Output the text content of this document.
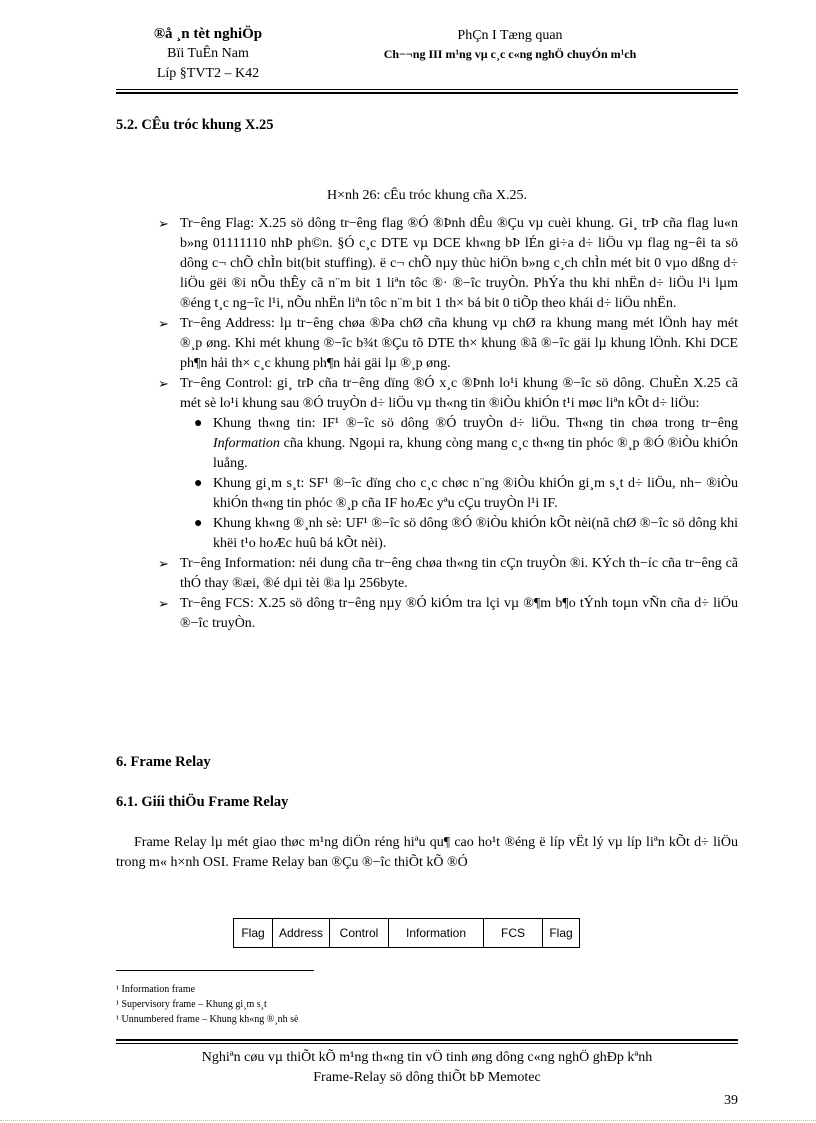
®å ¸n tèt nghiÖp
Bïi TuÊn Nam
Líp §TVT2 – K42
PhÇn I Tæng quan
Ch−¬ng III m¹ng vµ c¸c c«ng nghÖ chuyÓn m¹ch
5.2. CÊu tróc khung X.25
H×nh 26: cÊu tróc khung cña X.25.
➢ Tr−êng Flag: X.25 sö dông tr−êng flag ®Ó ®Þnh dÊu ®Çu vµ cuèi khung. Gi¸ trÞ cña flag lu«n b»ng 01111110 nhÞ ph©n. §Ó c¸c DTE vµ DCE kh«ng bÞ lÉn gi÷a d÷ liÖu vµ flag ng−êi ta sö dông c¬ chÕ chÌn bit(bit stuffing). ë c¬ chÕ nµy thùc hiÖn b»ng c¸ch chÌn mét bit 0 vµo dßng d÷ liÖu gëi ®i nÕu thÊy cã n¨m bit 1 liªn tôc ®· ®−îc truyÒn. PhÝa thu khi nhËn d÷ liÖu l¹i lµm ®éng t¸c ng−îc l¹i, nÕu nhËn liªn tôc n¨m bit 1 th× bá bit 0 tiÕp theo khái d÷ liÖu nhËn.
➢ Tr−êng Address: lµ tr−êng chøa ®Þa chØ cña khung vµ chØ ra khung mang mét lÖnh hay mét ®¸p øng. Khi mét khung ®−îc b¾t ®Çu tõ DTE th× khung ®ã ®−îc gäi lµ khung lÖnh. Khi DCE ph¶n hải th× c¸c khung ph¶n hải gäi lµ ®¸p øng.
➢ Tr−êng Control: gi¸ trÞ cña tr−êng dïng ®Ó x¸c ®Þnh lo¹i khung ®−îc sö dông. ChuÈn X.25 cã mét sè lo¹i khung sau ®Ó truyÒn d÷ liÖu vµ th«ng tin ®iÒu khiÓn t¹i møc liªn kÕt d÷ liÖu:
● Khung th«ng tin: IF¹ ®−îc sö dông ®Ó truyÒn d÷ liÖu. Th«ng tin chøa trong tr−êng Information cña khung. Ngoµi ra, khung còng mang c¸c th«ng tin phóc ®¸p ®Ó ®iÒu khiÓn luång.
● Khung gi¸m s¸t: SF¹ ®−îc dïng cho c¸c chøc n¨ng ®iÒu khiÓn gi¸m s¸t d÷ liÖu, nh− ®iÒu khiÓn th«ng tin phóc ®¸p cña IF hoÆc yªu cÇu truyÒn l¹i IF.
● Khung kh«ng ®¸nh sè: UF¹ ®−îc sö dông ®Ó ®iÒu khiÓn kÕt nèi(nã chØ ®−îc sö dông khi khëi t¹o hoÆc huû bá kÕt nèi).
➢ Tr−êng Information: néi dung cña tr−êng chøa th«ng tin cÇn truyÒn ®i. KÝch th−íc cña tr−êng cã thÓ thay ®æi, ®é dµi tèi ®a lµ 256byte.
➢ Tr−êng FCS: X.25 sö dông tr−êng nµy ®Ó kiÓm tra lçi vµ ®¶m b¶o tÝnh toµn vÑn cña d÷ liÖu ®−îc truyÒn.
6. Frame Relay
6.1. Giíi thiÖu Frame Relay
Frame Relay lµ mét giao thøc m¹ng diÖn réng hiªu qu¶ cao ho¹t ®éng ë líp vËt lý vµ líp liªn kÕt d÷ liÖu trong m« h×nh OSI. Frame Relay ban ®Çu ®−îc thiÕt kÕ ®Ó
Flag	Address	Control	Information	FCS	Flag
¹ Information frame
¹ Supervisory frame – Khung gi¸m s¸t
¹ Unnumbered frame – Khung kh«ng ®¸nh sè
Nghiªn cøu vµ thiÕt kÕ m¹ng th«ng tin vÖ tinh øng dông c«ng nghÖ ghÐp kªnh
Frame-Relay sö dông thiÕt bÞ Memotec
39
